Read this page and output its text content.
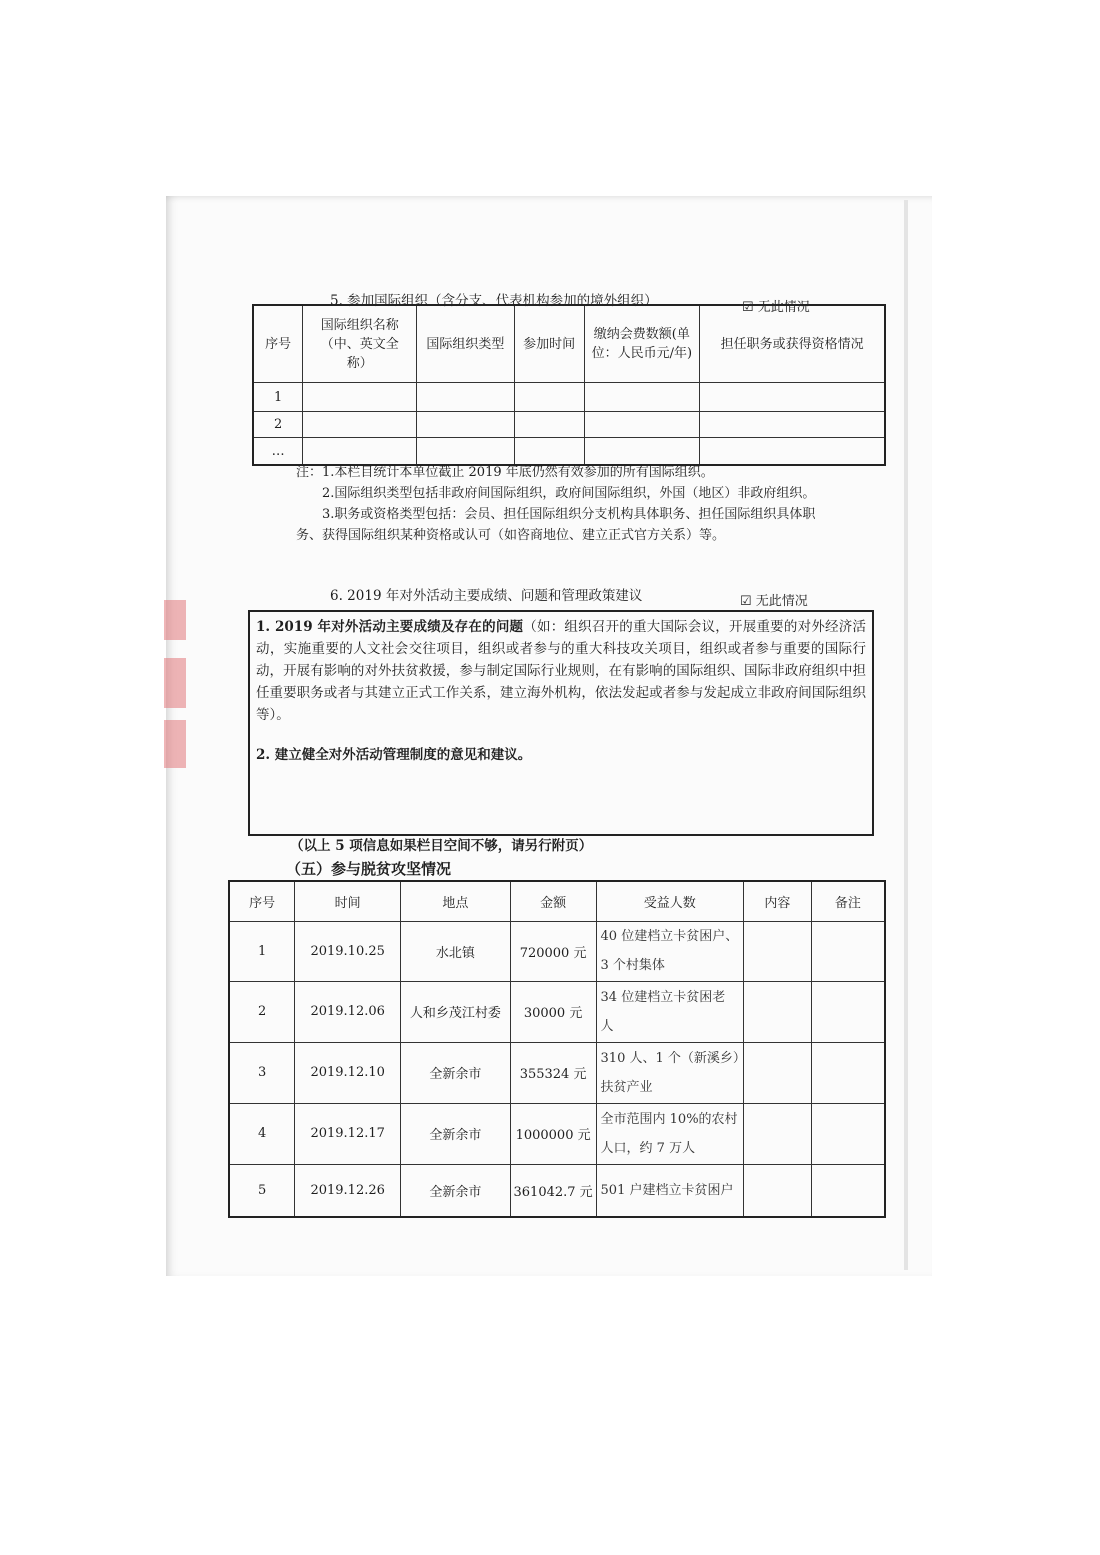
5. 参加国际组织（含分支、代表机构参加的境外组织）	☑ 无此情况
序号	国际组织名称（中、英文全称）	国际组织类型	参加时间	缴纳会费数额(单位：人民币元/年)	担任职务或获得资格情况
1					
2					
…					
注：1.本栏目统计本单位截止 2019 年底仍然有效参加的所有国际组织。
2.国际组织类型包括非政府间国际组织，政府间国际组织，外国（地区）非政府组织。
3.职务或资格类型包括：会员、担任国际组织分支机构具体职务、担任国际组织具体职
务、获得国际组织某种资格或认可（如咨商地位、建立正式官方关系）等。
6. 2019 年对外活动主要成绩、问题和管理政策建议	☑ 无此情况

1. 2019 年对外活动主要成绩及存在的问题（如：组织召开的重大国际会议，开展重要的对外经济活动，实施重要的人文社会交往项目，组织或者参与的重大科技攻关项目，组织或者参与重要的国际行动，开展有影响的对外扶贫救援，参与制定国际行业规则，在有影响的国际组织、国际非政府组织中担任重要职务或者与其建立正式工作关系，建立海外机构，依法发起或者参与发起成立非政府间国际组织等）。

2. 建立健全对外活动管理制度的意见和建议。

（以上 5 项信息如果栏目空间不够，请另行附页）
（五）参与脱贫攻坚情况
序号	时间	地点	金额	受益人数	内容	备注
1	2019.10.25	水北镇	720000 元	40 位建档立卡贫困户、
3 个村集体		

2	2019.12.06	人和乡茂江村委	30000 元	34 位建档立卡贫困老
人		

3	2019.12.10	全新余市	355324 元	310 人、1 个（新溪乡）
扶贫产业		

4	2019.12.17	全新余市	1000000 元	全市范围内 10%的农村
人口，约 7 万人		

5	2019.12.26	全新余市	361042.7 元	501 户建档立卡贫困户		
